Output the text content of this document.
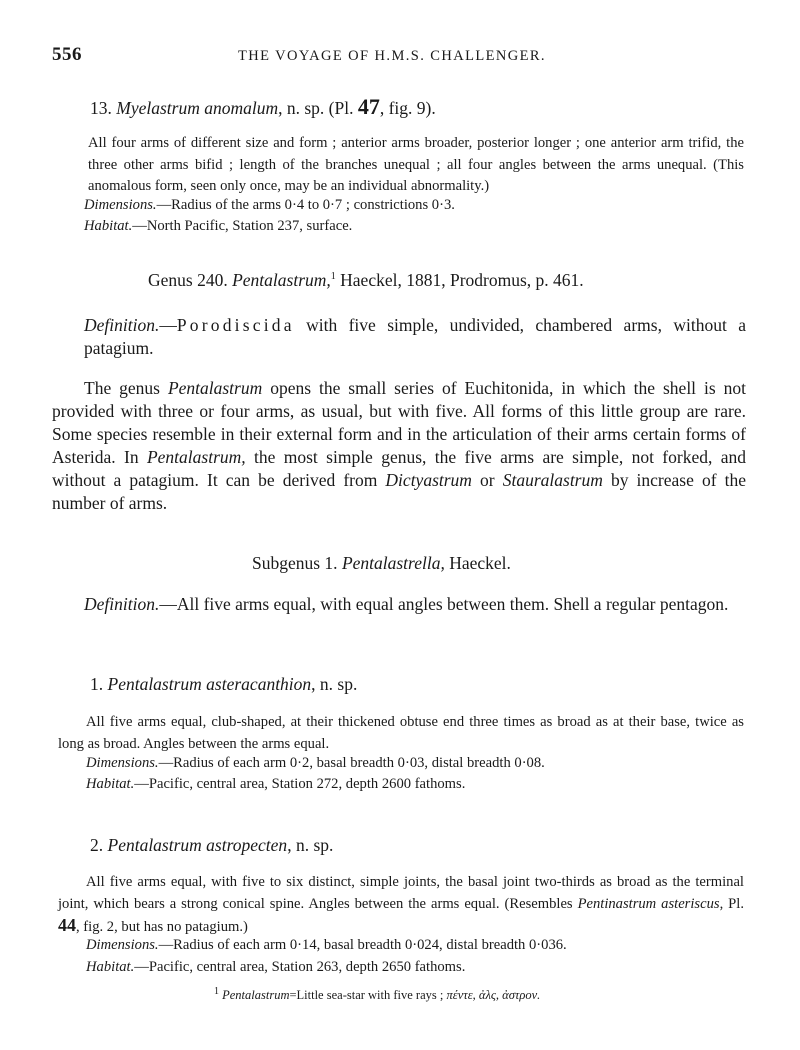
556	THE VOYAGE OF H.M.S. CHALLENGER.
13. Myelastrum anomalum, n. sp. (Pl. 47, fig. 9).

All four arms of different size and form ; anterior arms broader, posterior longer ; one anterior arm trifid, the three other arms bifid ; length of the branches unequal ; all four angles between the arms unequal. (This anomalous form, seen only once, may be an individual abnormality.)

Dimensions.—Radius of the arms 0·4 to 0·7 ; constrictions 0·3.
Habitat.—North Pacific, Station 237, surface.
Genus 240. Pentalastrum,$^1$ Haeckel, 1881, Prodromus, p. 461.

Definition.—Porodiscida with five simple, undivided, chambered arms, without a patagium.

The genus Pentalastrum opens the small series of Euchitonida, in which the shell is not provided with three or four arms, as usual, but with five. All forms of this little group are rare. Some species resemble in their external form and in the articulation of their arms certain forms of Asterida. In Pentalastrum, the most simple genus, the five arms are simple, not forked, and without a patagium. It can be derived from Dictyastrum or Stauralastrum by increase of the number of arms.

Subgenus 1. Pentalastrella, Haeckel.

Definition.—All five arms equal, with equal angles between them. Shell a regular pentagon.

1. Pentalastrum asteracanthion, n. sp.

All five arms equal, club-shaped, at their thickened obtuse end three times as broad as at their base, twice as long as broad. Angles between the arms equal.

Dimensions.—Radius of each arm 0·2, basal breadth 0·03, distal breadth 0·08.
Habitat.—Pacific, central area, Station 272, depth 2600 fathoms.
2. Pentalastrum astropecten, n. sp.

All five arms equal, with five to six distinct, simple joints, the basal joint two-thirds as broad as the terminal joint, which bears a strong conical spine. Angles between the arms equal. (Resembles Pentinastrum asteriscus, Pl. 44, fig. 2, but has no patagium.)

Dimensions.—Radius of each arm 0·14, basal breadth 0·024, distal breadth 0·036.
Habitat.—Pacific, central area, Station 263, depth 2650 fathoms.
$^1$ Pentalastrum=Little sea-star with five rays ; πέντε, ἀλς, ἀστρον.
